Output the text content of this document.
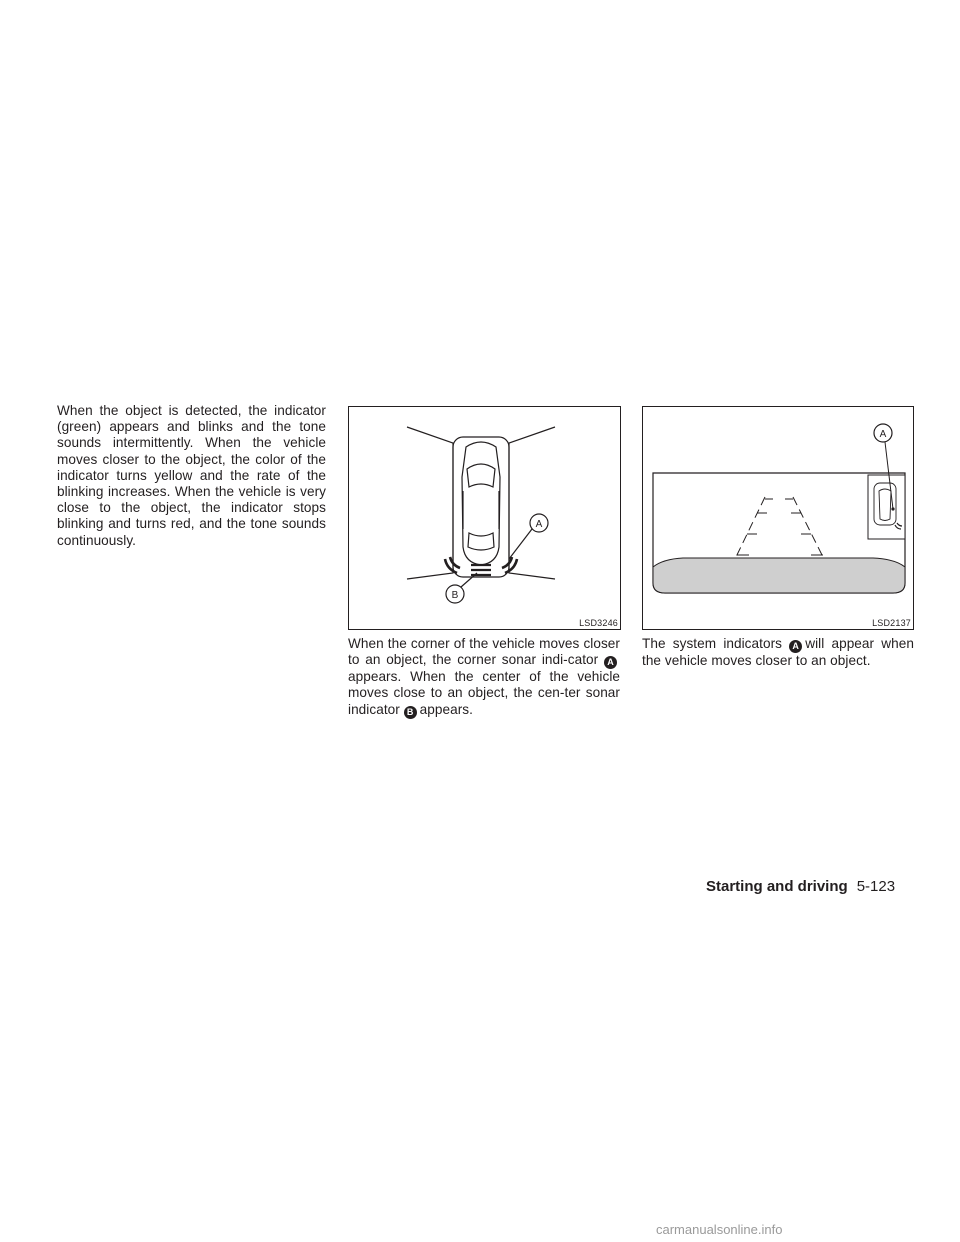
When the object is detected, the indicator (green) appears and blinks and the tone sounds intermittently. When the vehicle moves closer to the object, the color of the indicator turns yellow and the rate of the blinking increases. When the vehicle is very close to the object, the indicator stops blinking and turns red, and the tone sounds continuously.

A
B
LSD3246
A
LSD2137

When the corner of the vehicle moves closer to an object, the corner sonar indi-cator Aappears. When the center of the vehicle moves close to an object, the cen-ter sonar indicator B appears.

The system indicators A will appear when the vehicle moves closer to an object.

Starting and driving 5-123
carmanualsonline.info
